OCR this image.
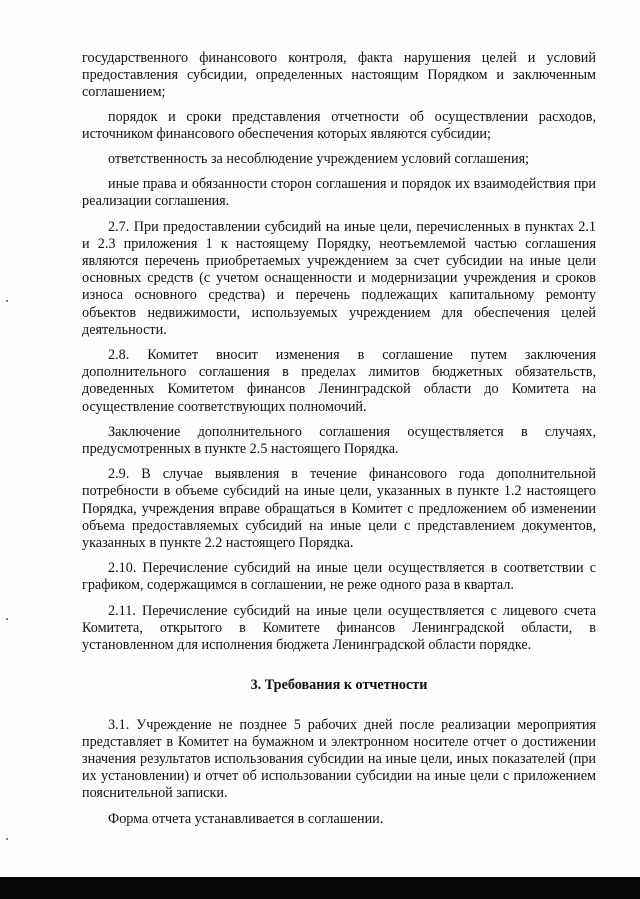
государственного финансового контроля, факта нарушения целей и условий предоставления субсидии, определенных настоящим Порядком и заключенным соглашением;

порядок и сроки представления отчетности об осуществлении расходов, источником финансового обеспечения которых являются субсидии;

ответственность за несоблюдение учреждением условий соглашения;

иные права и обязанности сторон соглашения и порядок их взаимодействия при реализации соглашения.

2.7. При предоставлении субсидий на иные цели, перечисленных в пунктах 2.1 и 2.3 приложения 1 к настоящему Порядку, неотъемлемой частью соглашения являются перечень приобретаемых учреждением за счет субсидии на иные цели основных средств (с учетом оснащенности и модернизации учреждения и сроков износа основного средства) и перечень подлежащих капитальному ремонту объектов недвижимости, используемых учреждением для обеспечения целей деятельности.

2.8. Комитет вносит изменения в соглашение путем заключения дополнительного соглашения в пределах лимитов бюджетных обязательств, доведенных Комитетом финансов Ленинградской области до Комитета на осуществление соответствующих полномочий.

Заключение дополнительного соглашения осуществляется в случаях, предусмотренных в пункте 2.5 настоящего Порядка.

2.9. В случае выявления в течение финансового года дополнительной потребности в объеме субсидий на иные цели, указанных в пункте 1.2 настоящего Порядка, учреждения вправе обращаться в Комитет с предложением об изменении объема предоставляемых субсидий на иные цели с представлением документов, указанных в пункте 2.2 настоящего Порядка.

2.10. Перечисление субсидий на иные цели осуществляется в соответствии с графиком, содержащимся в соглашении, не реже одного раза в квартал.

2.11. Перечисление субсидий на иные цели осуществляется с лицевого счета Комитета, открытого в Комитете финансов Ленинградской области, в установленном для исполнения бюджета Ленинградской области порядке.

3. Требования к отчетности

3.1. Учреждение не позднее 5 рабочих дней после реализации мероприятия представляет в Комитет на бумажном и электронном носителе отчет о достижении значения результатов использования субсидии на иные цели, иных показателей (при их установлении) и отчет об использовании субсидии на иные цели с приложением пояснительной записки.

Форма отчета устанавливается в соглашении.
